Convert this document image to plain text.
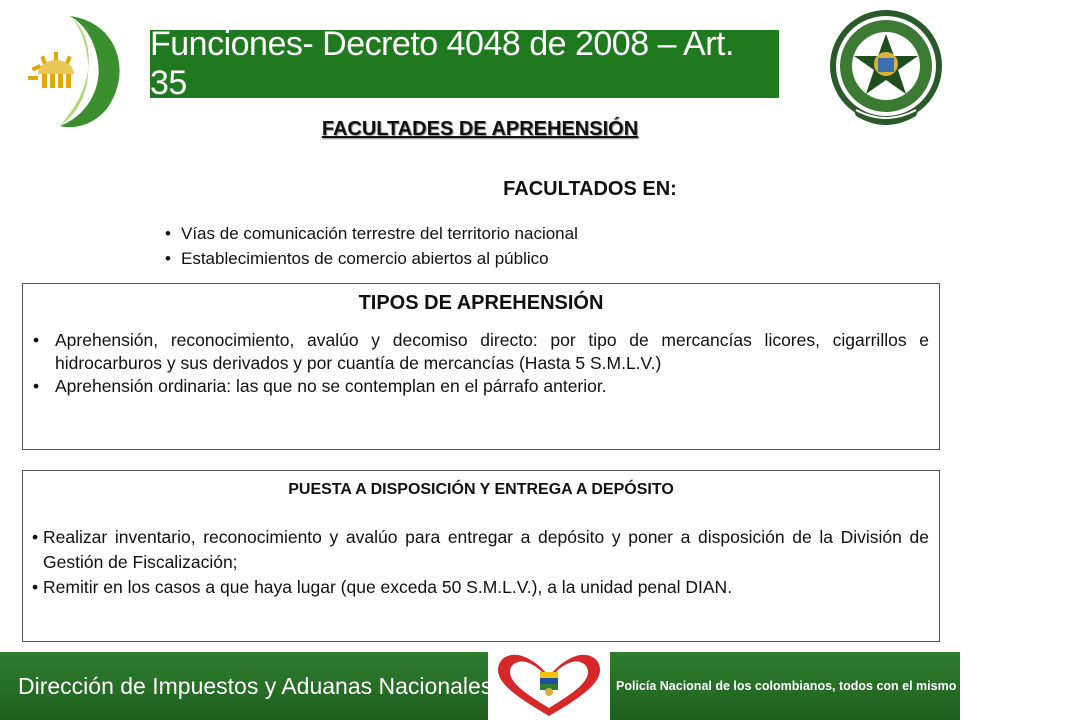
Funciones- Decreto 4048 de 2008 – Art. 35
FACULTADES DE APREHENSIÓN
FACULTADOS EN:
• Vías de comunicación terrestre del territorio nacional
• Establecimientos de comercio abiertos al público
TIPOS DE APREHENSIÓN
• Aprehensión, reconocimiento, avalúo y decomiso directo: por tipo de mercancías licores, cigarrillos e hidrocarburos y sus derivados y por cuantía de mercancías (Hasta 5 S.M.L.V.)
• Aprehensión ordinaria: las que no se contemplan en el párrafo anterior.
PUESTA A DISPOSICIÓN Y ENTREGA A DEPÓSITO
• Realizar inventario, reconocimiento y avalúo para entregar a depósito y poner a disposición de la División de Gestión de Fiscalización;
• Remitir en los casos a que haya lugar (que exceda 50 S.M.L.V.), a la unidad penal DIAN.
Dirección de Impuestos y Aduanas Nacionales	Policía Nacional de los colombianos, todos con el mismo corazón
